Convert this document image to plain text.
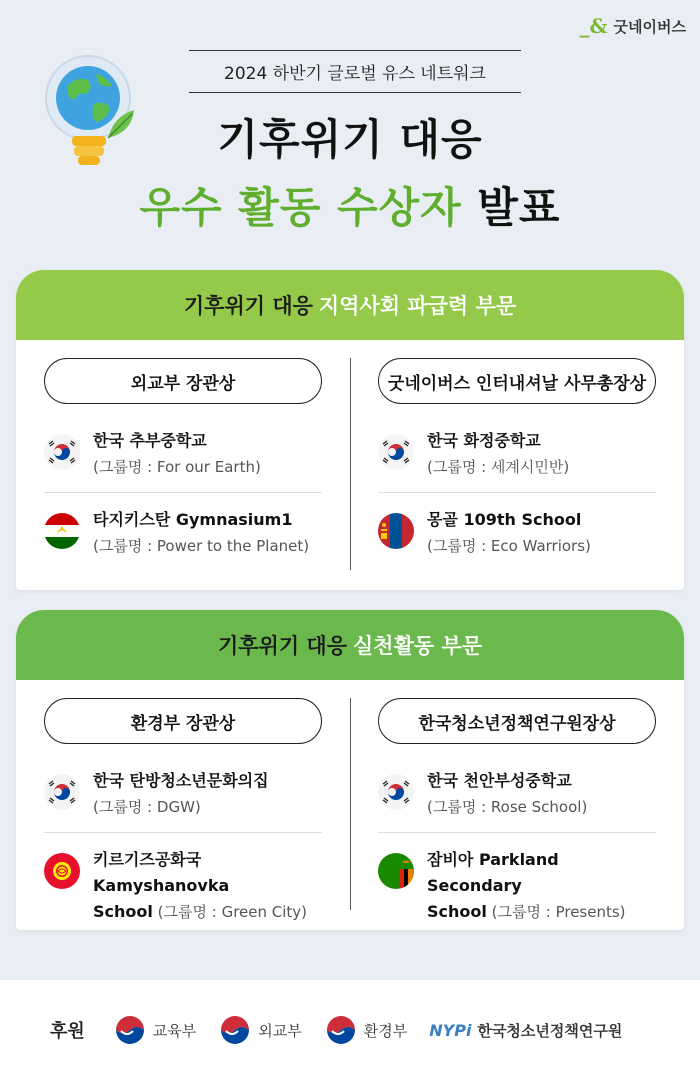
_& 굿네이버스
2024 하반기 글로벌 유스 네트워크
기후위기 대응
우수 활동 수상자 발표
기후위기 대응 지역사회 파급력 부문
외교부 장관상
한국 추부중학교
(그룹명 : For our Earth)
타지키스탄 Gymnasium1
(그룹명 : Power to the Planet)
굿네이버스 인터내셔날 사무총장상
한국 화정중학교
(그룹명 : 세계시민반)
몽골 109th School
(그룹명 : Eco Warriors)
기후위기 대응 실천활동 부문
환경부 장관상
한국 탄방청소년문화의집
(그룹명 : DGW)
키르기즈공화국 Kamyshanovka
School (그룹명 : Green City)
한국청소년정책연구원장상
한국 천안부성중학교
(그룹명 : Rose School)
잠비아 Parkland Secondary
School (그룹명 : Presents)
후원	교육부	외교부	환경부 NYPi 한국청소년정책연구원
